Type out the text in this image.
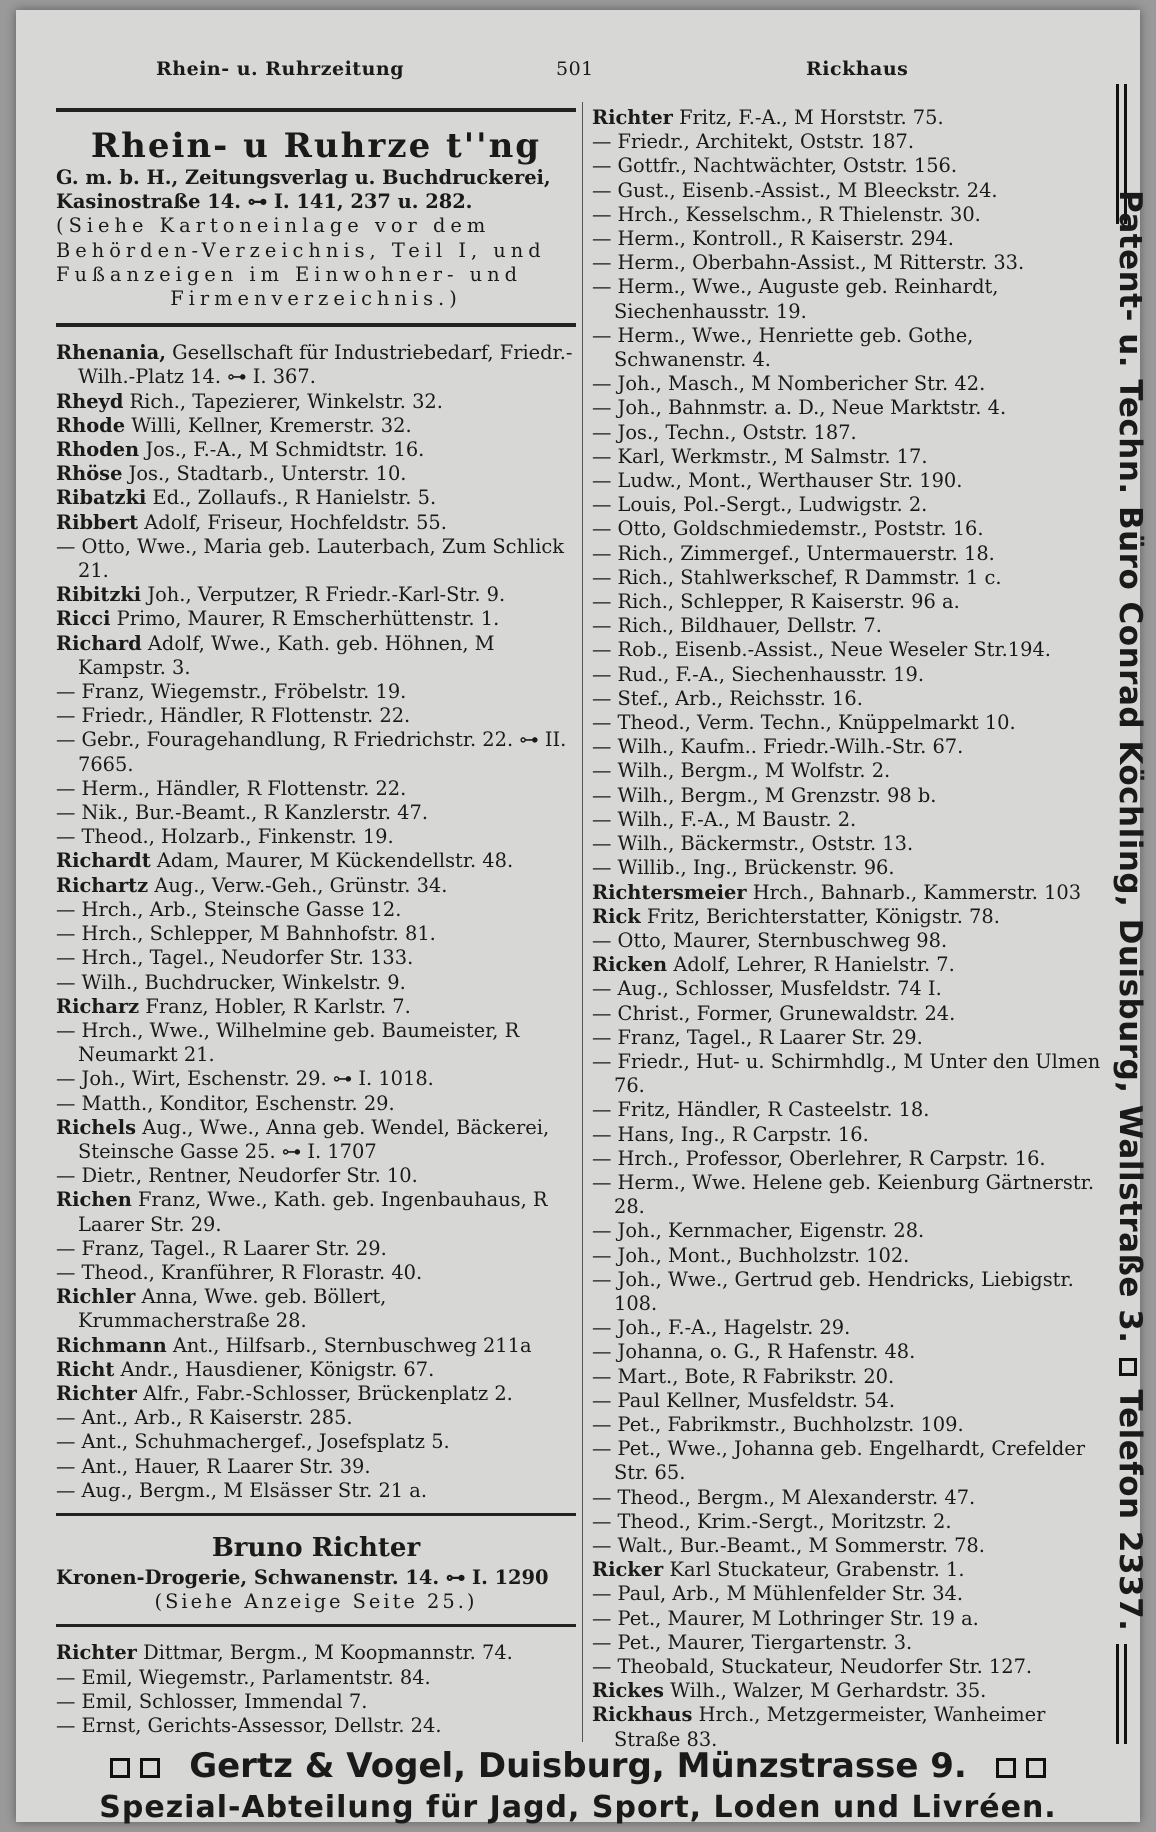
Rhein- u. Ruhrzeitung	501	Rickhaus
Rhein- u Ruhrze t''ng
G. m. b. H., Zeitungsverlag u. Buchdruckerei,
Kasinostraße 14. ⊶ I. 141, 237 u. 282.
(Siehe Kartoneinlage vor dem
Behörden-Verzeichnis, Teil I, und
Fußanzeigen im Einwohner- und
Firmenverzeichnis.)
Rhenania, Gesellschaft für Industriebedarf, Friedr.-Wilh.-Platz 14. ⊶ I. 367.
Rheyd Rich., Tapezierer, Winkelstr. 32.
Rhode Willi, Kellner, Kremerstr. 32.
Rhoden Jos., F.-A., M Schmidtstr. 16.
Rhöse Jos., Stadtarb., Unterstr. 10.
Ribatzki Ed., Zollaufs., R Hanielstr. 5.
Ribbert Adolf, Friseur, Hochfeldstr. 55.
— Otto, Wwe., Maria geb. Lauterbach, Zum Schlick 21.
Ribitzki Joh., Verputzer, R Friedr.-Karl-Str. 9.
Ricci Primo, Maurer, R Emscherhüttenstr. 1.
Richard Adolf, Wwe., Kath. geb. Höhnen, M Kampstr. 3.
— Franz, Wiegemstr., Fröbelstr. 19.
— Friedr., Händler, R Flottenstr. 22.
— Gebr., Fouragehandlung, R Friedrichstr. 22. ⊶ II. 7665.
— Herm., Händler, R Flottenstr. 22.
— Nik., Bur.-Beamt., R Kanzlerstr. 47.
— Theod., Holzarb., Finkenstr. 19.
Richardt Adam, Maurer, M Kückendellstr. 48.
Richartz Aug., Verw.-Geh., Grünstr. 34.
— Hrch., Arb., Steinsche Gasse 12.
— Hrch., Schlepper, M Bahnhofstr. 81.
— Hrch., Tagel., Neudorfer Str. 133.
— Wilh., Buchdrucker, Winkelstr. 9.
Richarz Franz, Hobler, R Karlstr. 7.
— Hrch., Wwe., Wilhelmine geb. Baumeister, R Neumarkt 21.
— Joh., Wirt, Eschenstr. 29. ⊶ I. 1018.
— Matth., Konditor, Eschenstr. 29.
Richels Aug., Wwe., Anna geb. Wendel, Bäckerei, Steinsche Gasse 25. ⊶ I. 1707
— Dietr., Rentner, Neudorfer Str. 10.
Richen Franz, Wwe., Kath. geb. Ingenbauhaus, R Laarer Str. 29.
— Franz, Tagel., R Laarer Str. 29.
— Theod., Kranführer, R Florastr. 40.
Richler Anna, Wwe. geb. Böllert, Krummacherstraße 28.
Richmann Ant., Hilfsarb., Sternbuschweg 211a
Richt Andr., Hausdiener, Königstr. 67.
Richter Alfr., Fabr.-Schlosser, Brückenplatz 2.
— Ant., Arb., R Kaiserstr. 285.
— Ant., Schuhmachergef., Josefsplatz 5.
— Ant., Hauer, R Laarer Str. 39.
— Aug., Bergm., M Elsässer Str. 21 a.
Bruno Richter
Kronen-Drogerie, Schwanenstr. 14. ⊶ I. 1290
(Siehe Anzeige Seite 25.)
Richter Dittmar, Bergm., M Koopmannstr. 74.
— Emil, Wiegemstr., Parlamentstr. 84.
— Emil, Schlosser, Immendal 7.
— Ernst, Gerichts-Assessor, Dellstr. 24.
Richter Fritz, F.-A., M Horststr. 75.
— Friedr., Architekt, Oststr. 187.
— Gottfr., Nachtwächter, Oststr. 156.
— Gust., Eisenb.-Assist., M Bleeckstr. 24.
— Hrch., Kesselschm., R Thielenstr. 30.
— Herm., Kontroll., R Kaiserstr. 294.
— Herm., Oberbahn-Assist., M Ritterstr. 33.
— Herm., Wwe., Auguste geb. Reinhardt, Siechenhausstr. 19.
— Herm., Wwe., Henriette geb. Gothe, Schwanenstr. 4.
— Joh., Masch., M Nombericher Str. 42.
— Joh., Bahnmstr. a. D., Neue Marktstr. 4.
— Jos., Techn., Oststr. 187.
— Karl, Werkmstr., M Salmstr. 17.
— Ludw., Mont., Werthauser Str. 190.
— Louis, Pol.-Sergt., Ludwigstr. 2.
— Otto, Goldschmiedemstr., Poststr. 16.
— Rich., Zimmergef., Untermauerstr. 18.
— Rich., Stahlwerkschef, R Dammstr. 1 c.
— Rich., Schlepper, R Kaiserstr. 96 a.
— Rich., Bildhauer, Dellstr. 7.
— Rob., Eisenb.-Assist., Neue Weseler Str.194.
— Rud., F.-A., Siechenhausstr. 19.
— Stef., Arb., Reichsstr. 16.
— Theod., Verm. Techn., Knüppelmarkt 10.
— Wilh., Kaufm.. Friedr.-Wilh.-Str. 67.
— Wilh., Bergm., M Wolfstr. 2.
— Wilh., Bergm., M Grenzstr. 98 b.
— Wilh., F.-A., M Baustr. 2.
— Wilh., Bäckermstr., Oststr. 13.
— Willib., Ing., Brückenstr. 96.
Richtersmeier Hrch., Bahnarb., Kammerstr. 103
Rick Fritz, Berichterstatter, Königstr. 78.
— Otto, Maurer, Sternbuschweg 98.
Ricken Adolf, Lehrer, R Hanielstr. 7.
— Aug., Schlosser, Musfeldstr. 74 I.
— Christ., Former, Grunewaldstr. 24.
— Franz, Tagel., R Laarer Str. 29.
— Friedr., Hut- u. Schirmhdlg., M Unter den Ulmen 76.
— Fritz, Händler, R Casteelstr. 18.
— Hans, Ing., R Carpstr. 16.
— Hrch., Professor, Oberlehrer, R Carpstr. 16.
— Herm., Wwe. Helene geb. Keienburg Gärtnerstr. 28.
— Joh., Kernmacher, Eigenstr. 28.
— Joh., Mont., Buchholzstr. 102.
— Joh., Wwe., Gertrud geb. Hendricks, Liebigstr. 108.
— Joh., F.-A., Hagelstr. 29.
— Johanna, o. G., R Hafenstr. 48.
— Mart., Bote, R Fabrikstr. 20.
— Paul Kellner, Musfeldstr. 54.
— Pet., Fabrikmstr., Buchholzstr. 109.
— Pet., Wwe., Johanna geb. Engelhardt, Crefelder Str. 65.
— Theod., Bergm., M Alexanderstr. 47.
— Theod., Krim.-Sergt., Moritzstr. 2.
— Walt., Bur.-Beamt., M Sommerstr. 78.
Ricker Karl Stuckateur, Grabenstr. 1.
— Paul, Arb., M Mühlenfelder Str. 34.
— Pet., Maurer, M Lothringer Str. 19 a.
— Pet., Maurer, Tiergartenstr. 3.
— Theobald, Stuckateur, Neudorfer Str. 127.
Rickes Wilh., Walzer, M Gerhardstr. 35.
Rickhaus Hrch., Metzgermeister, Wanheimer Straße 83.
Patent- u. Techn. Büro Conrad Köchling, Duisburg, Wallstraße 3.Telefon 2337.
Gertz & Vogel, Duisburg, Münzstrasse 9.
Spezial-Abteilung für Jagd, Sport, Loden und Livréen.
